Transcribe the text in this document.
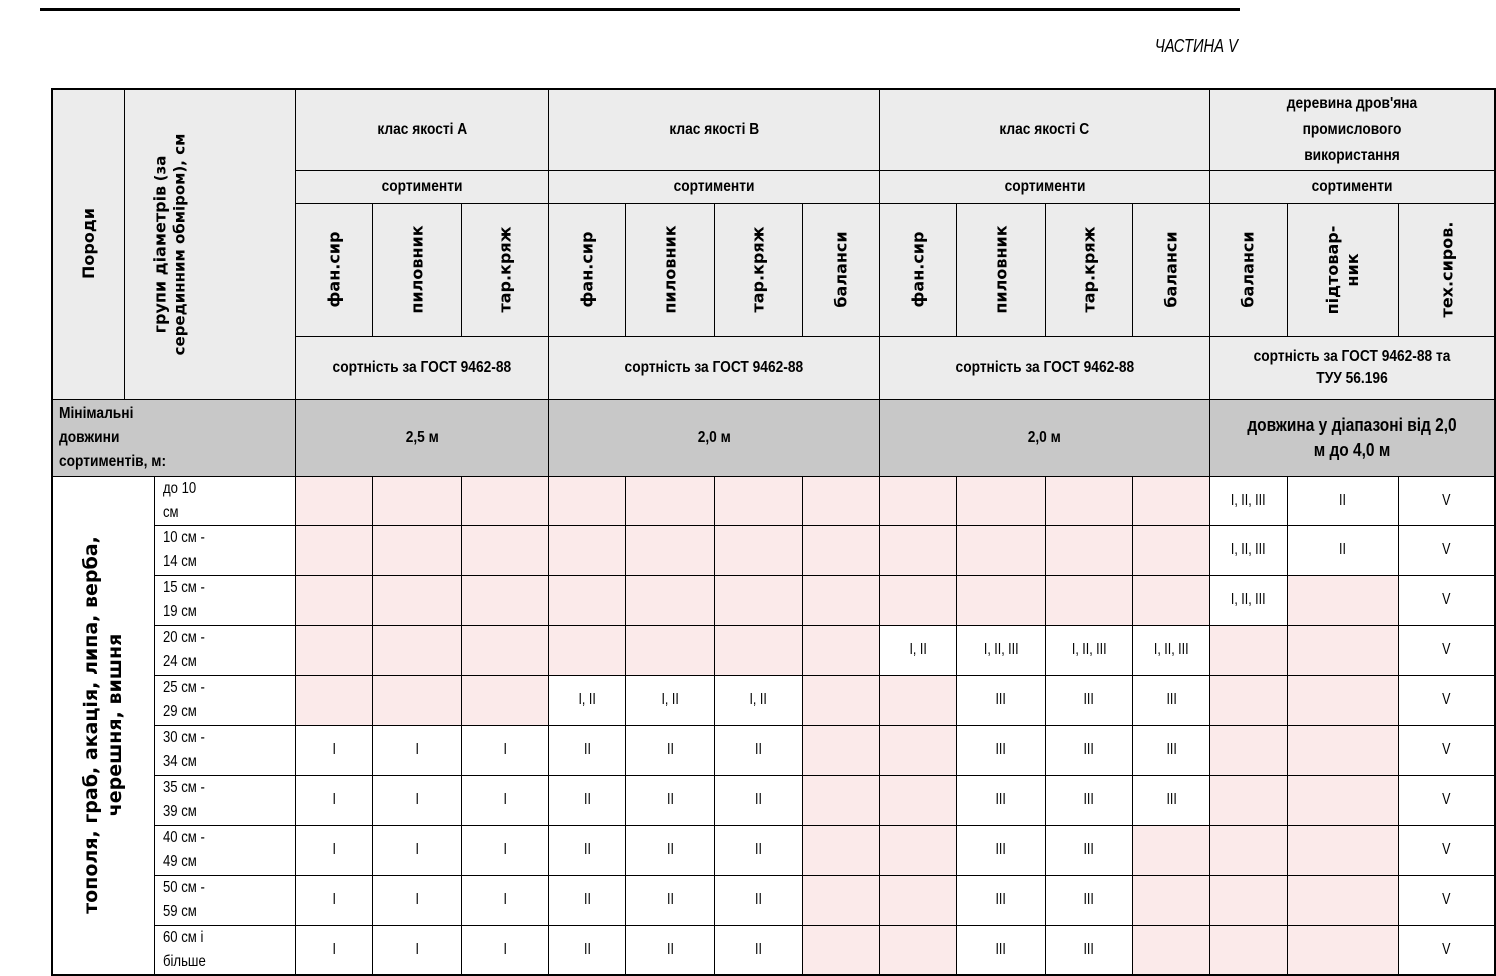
ЧАСТИНА V
Породи	групи діаметрів (за серединним обміром), см		клас якості А			клас якості В				клас якості С				деревина дров'яна промислового використання		
			сортименти			сортименти				сортименти				сортименти		
			фан.сир	пиловник	тар.кряж	фан.сир	пиловник	тар.кряж	баланси	фан.сир	пиловник	тар.кряж	баланси	баланси	підтовар-ник	тех.сиров.
			сортність за ГОСТ 9462-88			сортність за ГОСТ 9462-88				сортність за ГОСТ 9462-88				сортність за ГОСТ 9462-88 та ТУУ 56.196		
Мінімальні довжини сортиментів, м:			2,5 м			2,0 м				2,0 м				довжина у діапазоні від 2,0 м до 4,0 м		

тополя, граб, акація, липа, верба, черешня, вишня		до 10 см												I, II, III	II	V
		10 см - 14 см												I, II, III	II	V
		15 см - 19 см												I, II, III		V
		20 см - 24 см								I, II	I, II, III	I, II, III	I, II, III			V
		25 см - 29 см				I, II	I, II	I, II			III	III	III			V
		30 см - 34 см	I	I	I	II	II	II			III	III	III			V
		35 см - 39 см	I	I	I	II	II	II			III	III	III			V
		40 см - 49 см	I	I	I	II	II	II			III	III				V
		50 см - 59 см	I	I	I	II	II	II			III	III				V
		60 см і більше	I	I	I	II	II	II			III	III				V
